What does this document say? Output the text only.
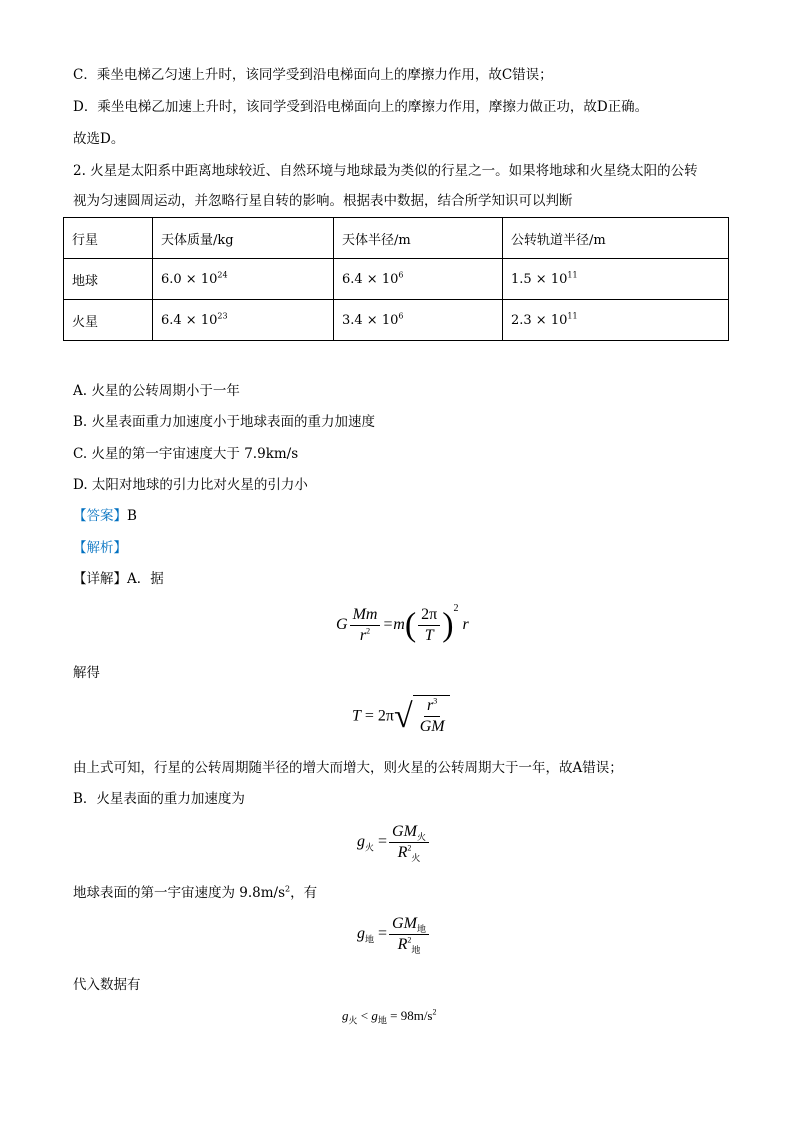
C．乘坐电梯乙匀速上升时，该同学受到沿电梯面向上的摩擦力作用，故C错误；
D．乘坐电梯乙加速上升时，该同学受到沿电梯面向上的摩擦力作用，摩擦力做正功，故D正确。
故选D。
2. 火星是太阳系中距离地球较近、自然环境与地球最为类似的行星之一。如果将地球和火星绕太阳的公转
视为匀速圆周运动，并忽略行星自转的影响。根据表中数据，结合所学知识可以判断
行星	天体质量/kg	天体半径/m	公转轨道半径/m
地球	$6.0 \times 10^{24}$	$6.4 \times 10^6$	$1.5 \times 10^{11}$
火星	$6.4 \times 10^{23}$	$3.4 \times 10^6$	$2.3 \times 10^{11}$
A. 火星的公转周期小于一年
B. 火星表面重力加速度小于地球表面的重力加速度
C. 火星的第一宇宙速度大于 7.9km/s
D. 太阳对地球的引力比对火星的引力小
【答案】B
【解析】
【详解】A．据
G $\frac{Mm}{r^2} =m( \frac{2\pi}{T} )^2$ r
解得
T = 2π √ $\frac{r^3}{GM}$
由上式可知，行星的公转周期随半径的增大而增大，则火星的公转周期大于一年，故A错误；
B．火星表面的重力加速度为
$g_火 = \frac{GM_火}{R^2_火}$
地球表面的第一宇宙速度为 $9.8m/s^2$，有
$g_地 = \frac{GM_地}{R^2_地}$
代入数据有
$g_火 < g_地 = 98m/s^2$
